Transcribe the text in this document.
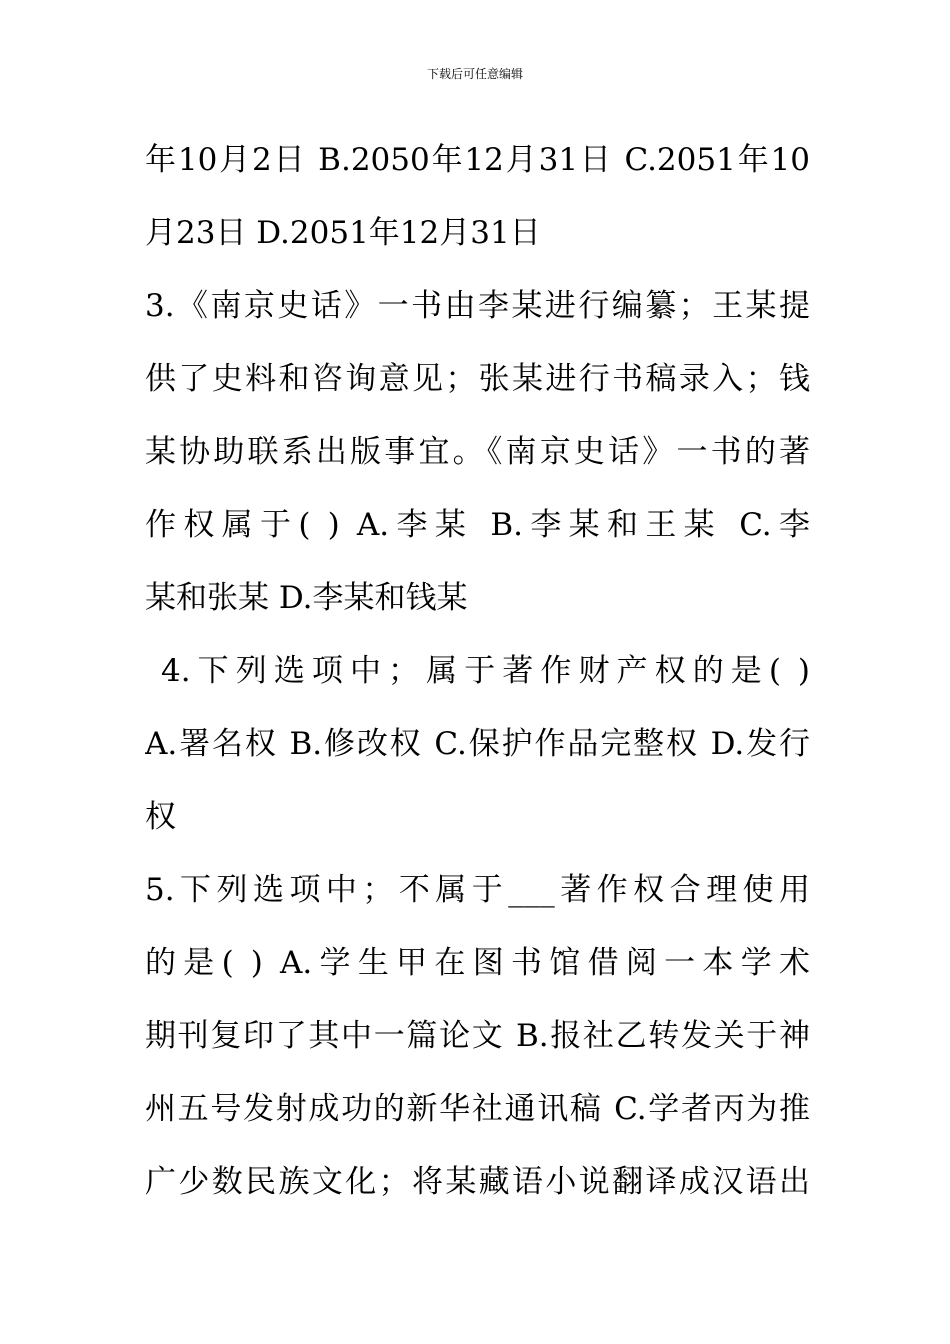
下载后可任意编辑
年10月2日 B.2050年12月31日 C.2051年10
月23日 D.2051年12月31日
3.《南京史话》一书由李某进行编纂；王某提
供了史料和咨询意见；张某进行书稿录入；钱
某协助联系出版事宜。《南京史话》一书的著
作权属于( ) A.李某 B.李某和王某 C.李
某和张某 D.李某和钱某
4.下列选项中；属于著作财产权的是( )
A.署名权 B.修改权 C.保护作品完整权 D.发行
权
5.下列选项中；不属于___著作权合理使用
的是( ) A.学生甲在图书馆借阅一本学术
期刊复印了其中一篇论文 B.报社乙转发关于神
州五号发射成功的新华社通讯稿 C.学者丙为推
广少数民族文化；将某藏语小说翻译成汉语出
